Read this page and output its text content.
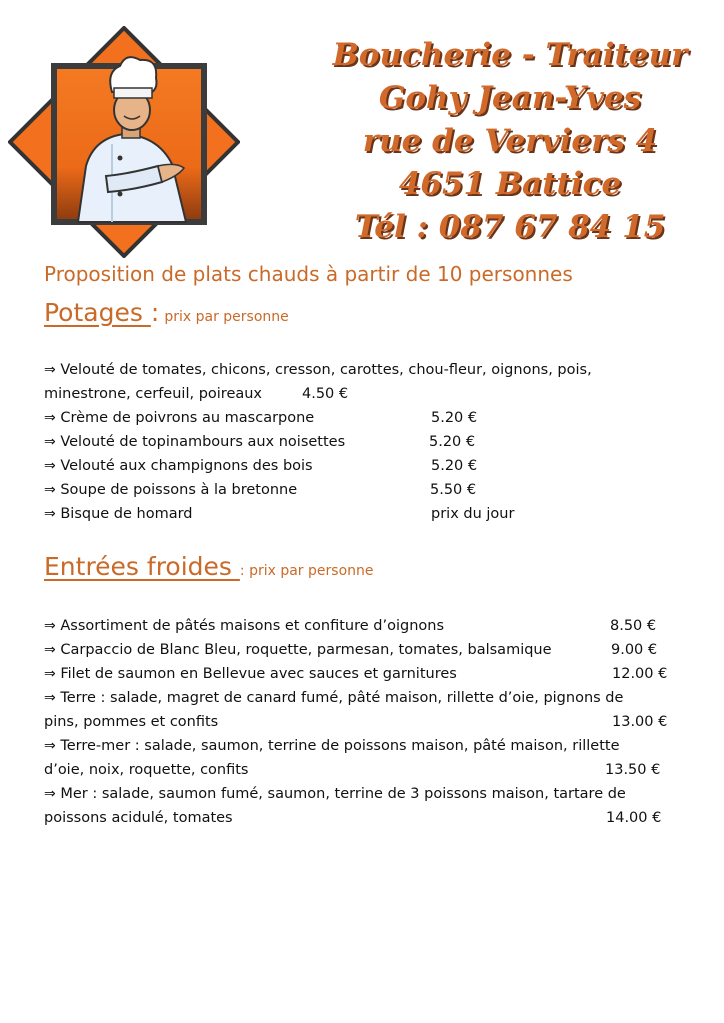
Boucherie - Traiteur
Gohy Jean-Yves
rue de Verviers 4
4651 Battice
Tél : 087 67 84 15
Proposition de plats chauds à partir de 10 personnes
Potages : prix par personne
⇒ Velouté de tomates, chicons, cresson, carottes, chou-fleur, oignons, pois,
minestrone, cerfeuil, poireaux	4.50 €
⇒ Crème de poivrons au mascarpone	5.20 €
⇒ Velouté de topinambours aux noisettes	5.20 €
⇒ Velouté aux champignons des bois	5.20 €
⇒ Soupe de poissons à la bretonne	5.50 €
⇒ Bisque de homard	prix du jour
Entrées froides : prix par personne
⇒ Assortiment de pâtés maisons et confiture d’oignons	8.50 €
⇒ Carpaccio de Blanc Bleu, roquette, parmesan, tomates, balsamique	9.00 €
⇒ Filet de saumon en Bellevue avec sauces et garnitures	12.00 €
⇒ Terre : salade, magret de canard fumé, pâté maison, rillette d’oie, pignons de
pins, pommes et confits	13.00 €
⇒ Terre-mer : salade, saumon, terrine de poissons maison, pâté maison, rillette
d’oie, noix, roquette, confits	13.50 €
⇒ Mer : salade, saumon fumé, saumon, terrine de 3 poissons maison, tartare de
poissons acidulé, tomates	14.00 €
